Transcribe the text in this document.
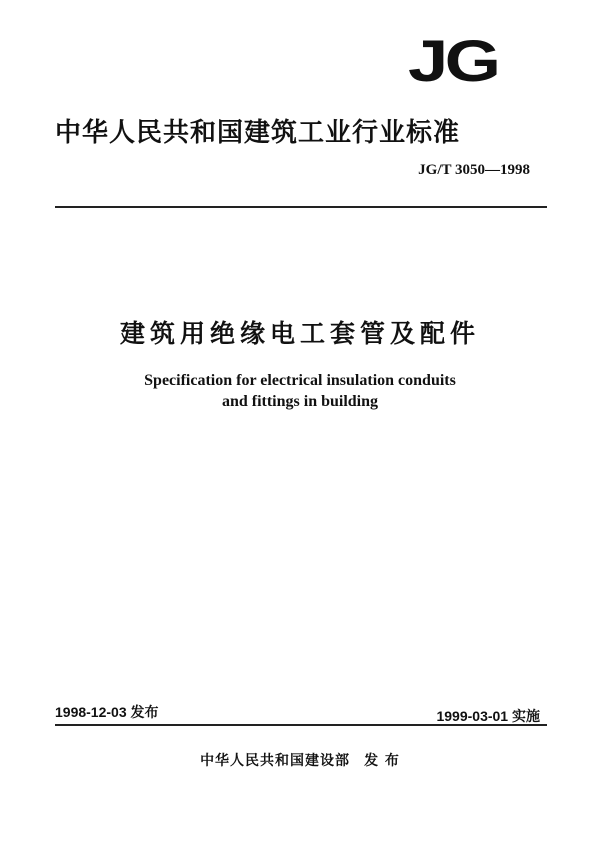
JG
中华人民共和国建筑工业行业标准
JG/T 3050—1998
建筑用绝缘电工套管及配件
Specification for electrical insulation conduits
and fittings in building
1998-12-03 发布	1999-03-01 实施
中华人民共和国建设部 发 布
